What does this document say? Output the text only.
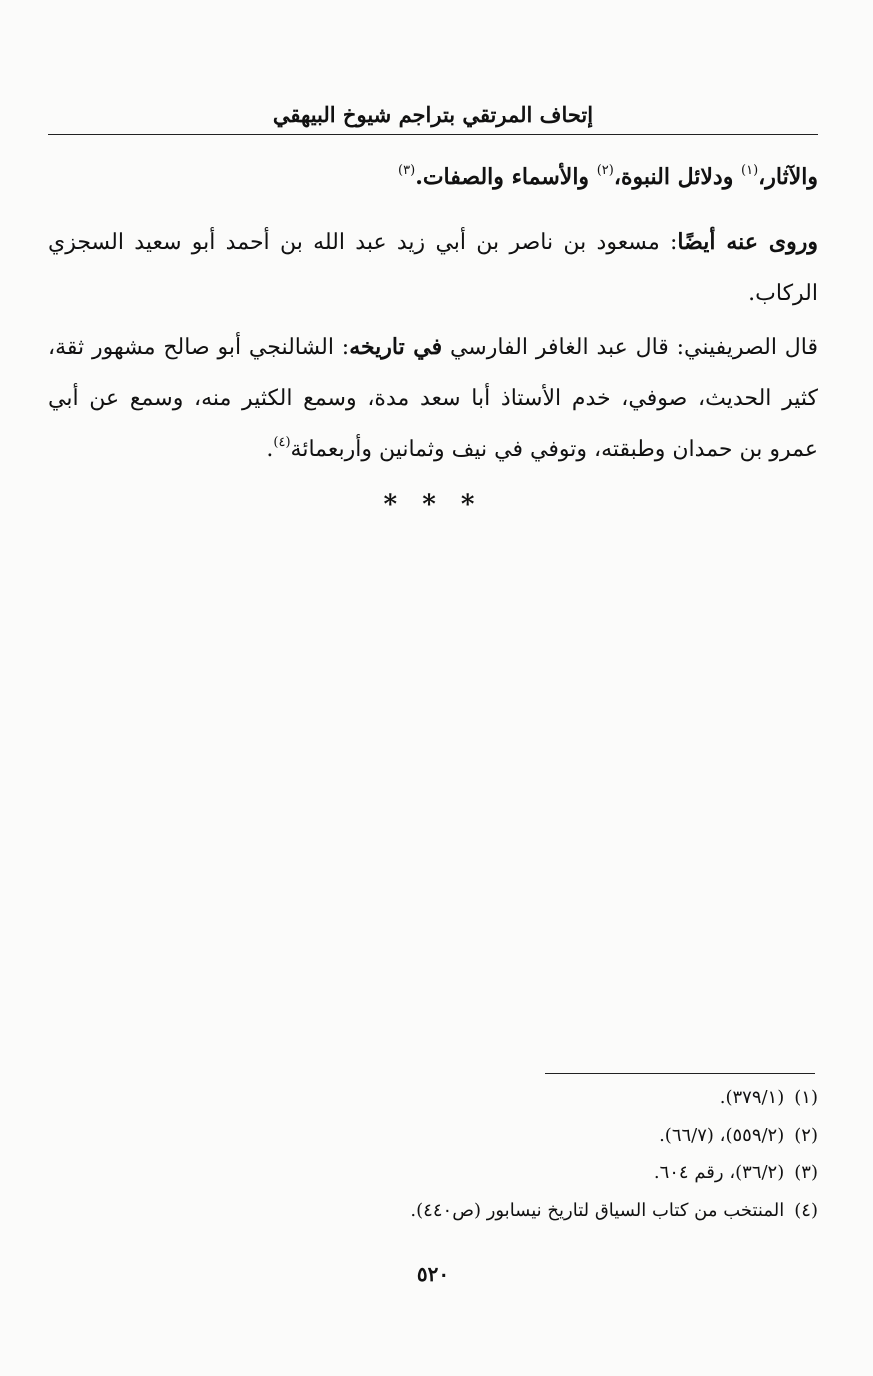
إتحاف المرتقي بتراجم شيوخ البيهقي
والآثار،$^{(١)}$ ودلائل النبوة،$^{(٢)}$ والأسماء والصفات.$^{(٣)}$
وروى عنه أيضًا: مسعود بن ناصر بن أبي زيد عبد الله بن أحمد أبو سعيد السجزي الركاب.
قال الصريفيني: قال عبد الغافر الفارسي في تاريخه: الشالنجي أبو صالح مشهور ثقة، كثير الحديث، صوفي، خدم الأستاذ أبا سعد مدة، وسمع الكثير منه، وسمع عن أبي عمرو بن حمدان وطبقته، وتوفي في نيف وثمانين وأربعمائة$^{(٤)}$.
* * *
(١)(٣٧٩/١).
(٢)(٥٥٩/٢)، (٦٦/٧).
(٣)(٣٦/٢)، رقم ٦٠٤.
(٤)المنتخب من كتاب السياق لتاريخ نيسابور (ص٤٤٠).
٥٢٠
